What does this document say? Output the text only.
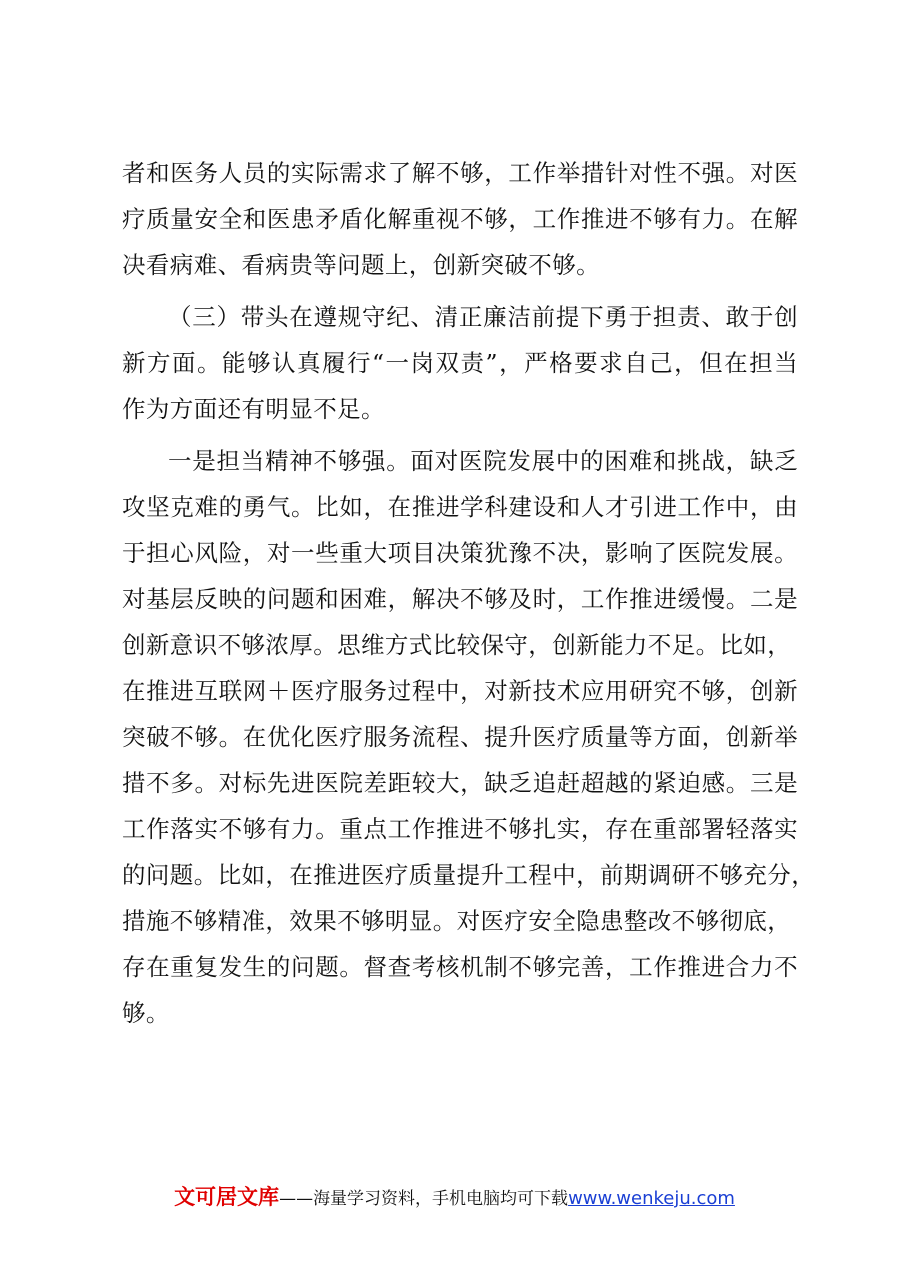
者和医务人员的实际需求了解不够，工作举措针对性不强。对医
疗质量安全和医患矛盾化解重视不够，工作推进不够有力。在解
决看病难、看病贵等问题上，创新突破不够。
（三）带头在遵规守纪、清正廉洁前提下勇于担责、敢于创
新方面。能够认真履行“一岗双责”，严格要求自己，但在担当
作为方面还有明显不足。
一是担当精神不够强。面对医院发展中的困难和挑战，缺乏
攻坚克难的勇气。比如，在推进学科建设和人才引进工作中，由
于担心风险，对一些重大项目决策犹豫不决，影响了医院发展。
对基层反映的问题和困难，解决不够及时，工作推进缓慢。二是
创新意识不够浓厚。思维方式比较保守，创新能力不足。比如，
在推进互联网＋医疗服务过程中，对新技术应用研究不够，创新
突破不够。在优化医疗服务流程、提升医疗质量等方面，创新举
措不多。对标先进医院差距较大，缺乏追赶超越的紧迫感。三是
工作落实不够有力。重点工作推进不够扎实，存在重部署轻落实
的问题。比如，在推进医疗质量提升工程中，前期调研不够充分，
措施不够精准，效果不够明显。对医疗安全隐患整改不够彻底，
存在重复发生的问题。督查考核机制不够完善，工作推进合力不
够。
文可居文库——海量学习资料，手机电脑均可下载www.wenkeju.com
